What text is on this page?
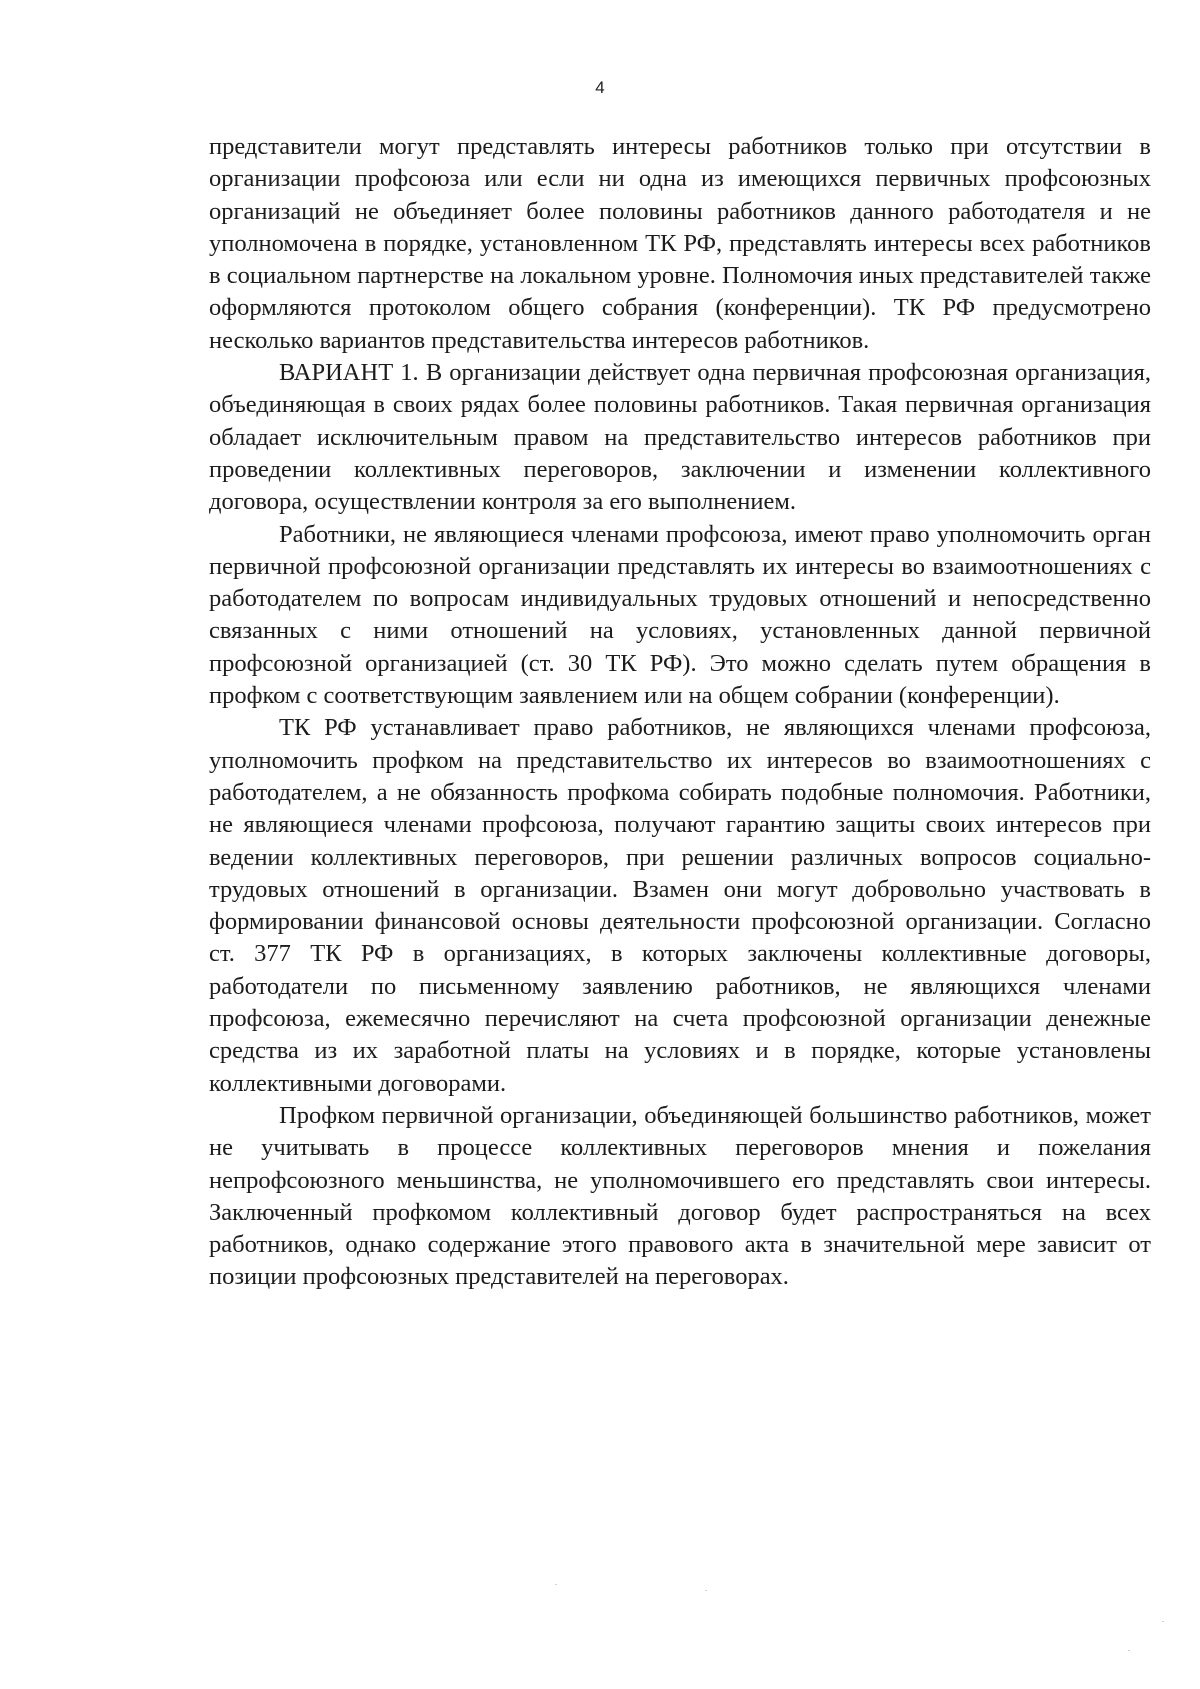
4

представители могут представлять интересы работников только при отсутствии в организации профсоюза или если ни одна из имеющихся первичных профсоюзных организаций не объединяет более половины работников данного работодателя и не уполномочена в порядке, установленном ТК РФ, представлять интересы всех работников в социальном партнерстве на локальном уровне. Полномочия иных представителей также оформляются протоколом общего собрания (конференции). ТК РФ предусмотрено несколько вариантов представительства интересов работников.

ВАРИАНТ 1. В организации действует одна первичная профсоюзная организация, объединяющая в своих рядах более половины работников. Такая первичная организация обладает исключительным правом на представительство интересов работников при проведении коллективных переговоров, заключении и изменении коллективного договора, осуществлении контроля за его выполнением.

Работники, не являющиеся членами профсоюза, имеют право уполномочить орган первичной профсоюзной организации представлять их интересы во взаимоотношениях с работодателем по вопросам индивидуальных трудовых отношений и непосредственно связанных с ними отношений на условиях, установленных данной первичной профсоюзной организацией (ст. 30 ТК РФ). Это можно сделать путем обращения в профком с соответствующим заявлением или на общем собрании (конференции).

ТК РФ устанавливает право работников, не являющихся членами профсоюза, уполномочить профком на представительство их интересов во взаимоотношениях с работодателем, а не обязанность профкома собирать подобные полномочия. Работники, не являющиеся членами профсоюза, получают гарантию защиты своих интересов при ведении коллективных переговоров, при решении различных вопросов социально-трудовых отношений в организации. Взамен они могут добровольно участвовать в формировании финансовой основы деятельности профсоюзной организации. Согласно ст. 377 ТК РФ в организациях, в которых заключены коллективные договоры, работодатели по письменному заявлению работников, не являющихся членами профсоюза, ежемесячно перечисляют на счета профсоюзной организации денежные средства из их заработной платы на условиях и в порядке, которые установлены коллективными договорами.

Профком первичной организации, объединяющей большинство работников, может не учитывать в процессе коллективных переговоров мнения и пожелания непрофсоюзного меньшинства, не уполномочившего его представлять свои интересы. Заключенный профкомом коллективный договор будет распространяться на всех работников, однако содержание этого правового акта в значительной мере зависит от позиции профсоюзных представителей на переговорах.
